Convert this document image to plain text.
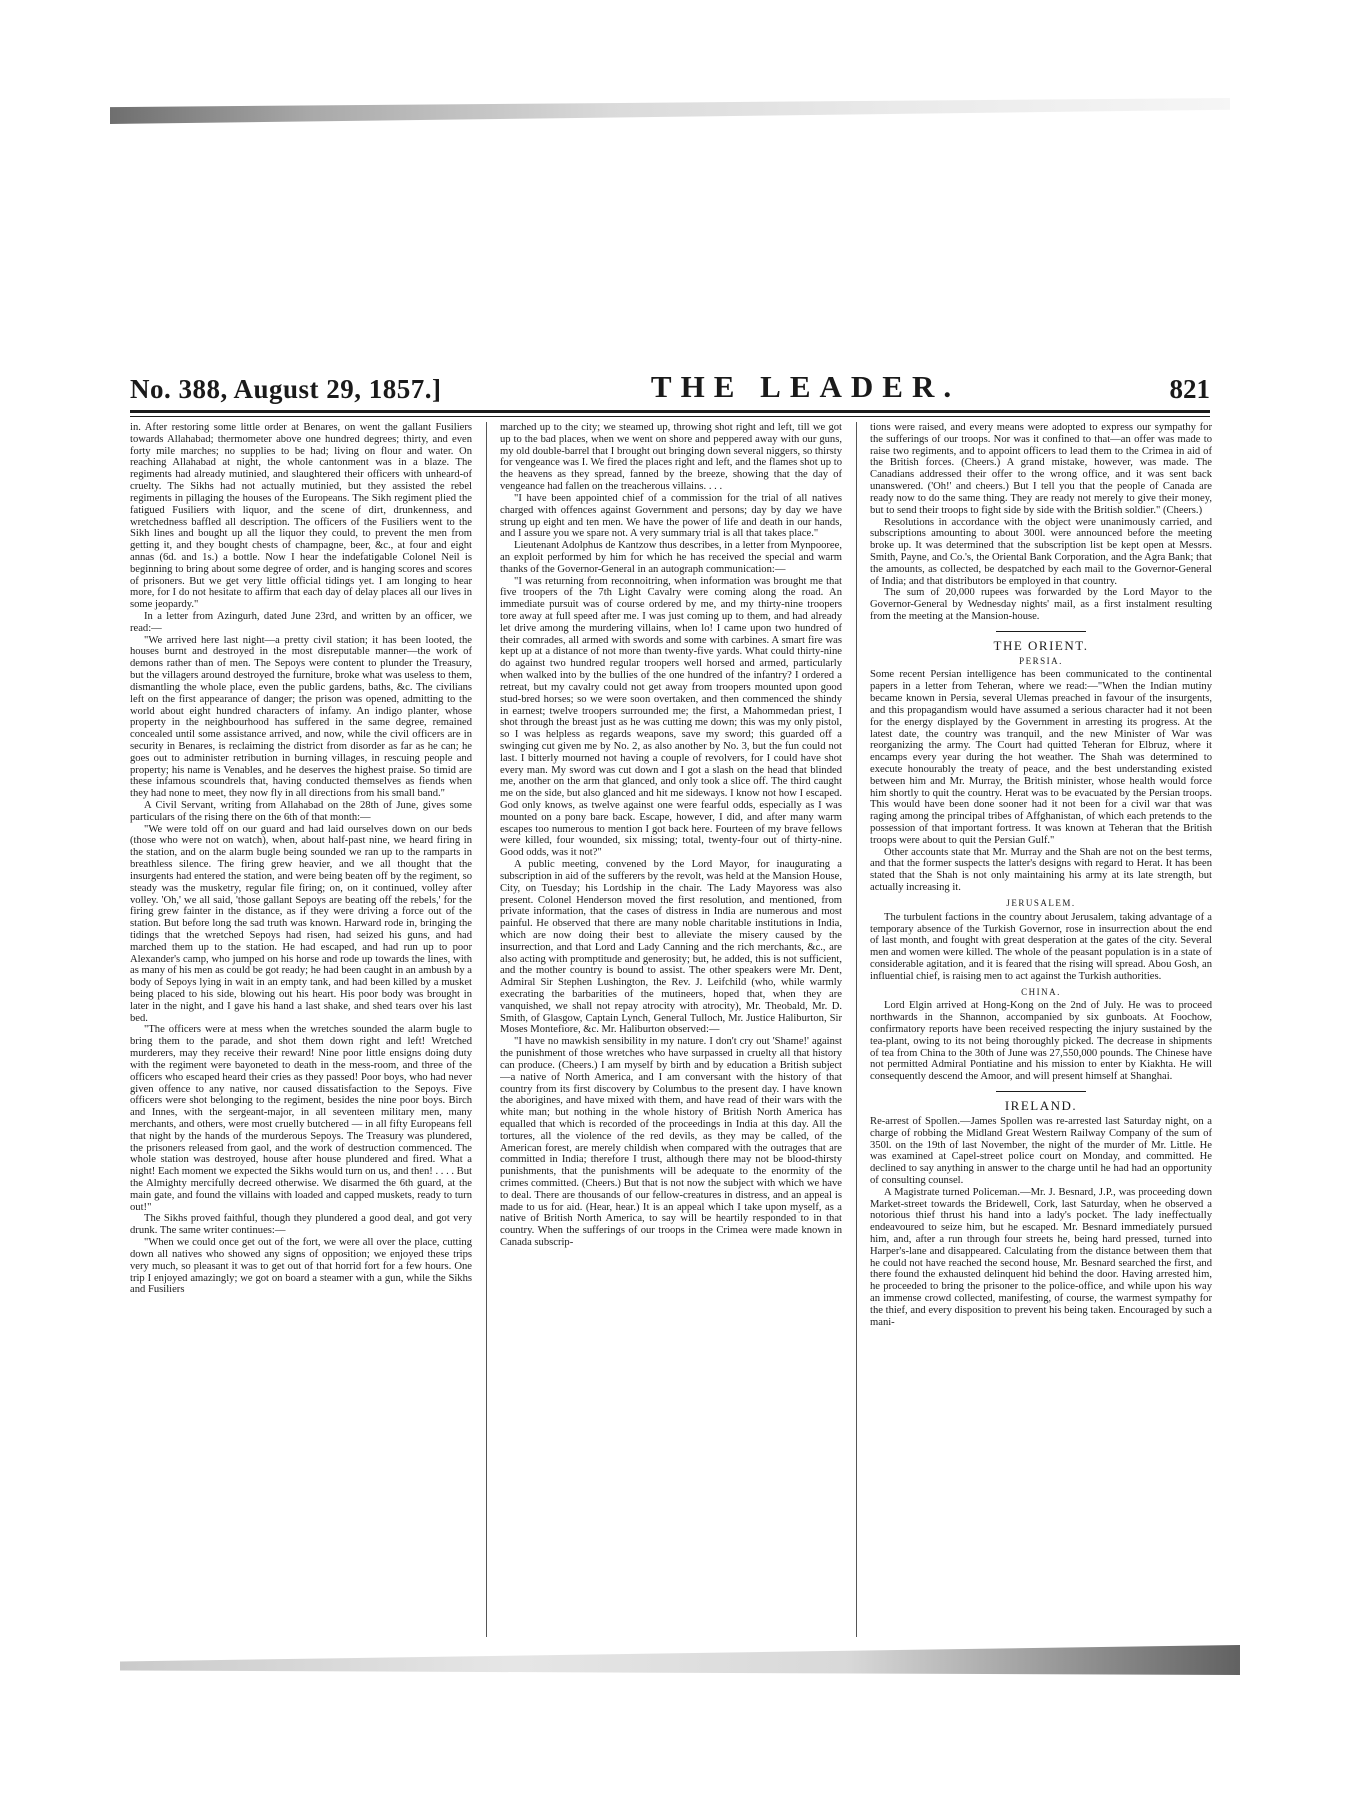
No. 388, August 29, 1857.]	THE LEADER.	821

in. After restoring some little order at Benares, on went the gallant Fusiliers towards Allahabad; thermometer above one hundred degrees; thirty, and even forty mile marches; no supplies to be had; living on flour and water. On reaching Allahabad at night, the whole cantonment was in a blaze. The regiments had already mutinied, and slaughtered their officers with unheard-of cruelty. The Sikhs had not actually mutinied, but they assisted the rebel regiments in pillaging the houses of the Europeans. The Sikh regiment plied the fatigued Fusiliers with liquor, and the scene of dirt, drunkenness, and wretchedness baffled all description. The officers of the Fusiliers went to the Sikh lines and bought up all the liquor they could, to prevent the men from getting it, and they bought chests of champagne, beer, &c., at four and eight annas (6d. and 1s.) a bottle. Now I hear the indefatigable Colonel Neil is beginning to bring about some degree of order, and is hanging scores and scores of prisoners. But we get very little official tidings yet. I am longing to hear more, for I do not hesitate to affirm that each day of delay places all our lives in some jeopardy."

In a letter from Azingurh, dated June 23rd, and written by an officer, we read:—

"We arrived here last night—a pretty civil station; it has been looted, the houses burnt and destroyed in the most disreputable manner—the work of demons rather than of men. The Sepoys were content to plunder the Treasury, but the villagers around destroyed the furniture, broke what was useless to them, dismantling the whole place, even the public gardens, baths, &c. The civilians left on the first appearance of danger; the prison was opened, admitting to the world about eight hundred characters of infamy. An indigo planter, whose property in the neighbourhood has suffered in the same degree, remained concealed until some assistance arrived, and now, while the civil officers are in security in Benares, is reclaiming the district from disorder as far as he can; he goes out to administer retribution in burning villages, in rescuing people and property; his name is Venables, and he deserves the highest praise. So timid are these infamous scoundrels that, having conducted themselves as fiends when they had none to meet, they now fly in all directions from his small band."

A Civil Servant, writing from Allahabad on the 28th of June, gives some particulars of the rising there on the 6th of that month:—

"We were told off on our guard and had laid ourselves down on our beds (those who were not on watch), when, about half-past nine, we heard firing in the station, and on the alarm bugle being sounded we ran up to the ramparts in breathless silence. The firing grew heavier, and we all thought that the insurgents had entered the station, and were being beaten off by the regiment, so steady was the musketry, regular file firing; on, on it continued, volley after volley. 'Oh,' we all said, 'those gallant Sepoys are beating off the rebels,' for the firing grew fainter in the distance, as if they were driving a force out of the station. But before long the sad truth was known. Harward rode in, bringing the tidings that the wretched Sepoys had risen, had seized his guns, and had marched them up to the station. He had escaped, and had run up to poor Alexander's camp, who jumped on his horse and rode up towards the lines, with as many of his men as could be got ready; he had been caught in an ambush by a body of Sepoys lying in wait in an empty tank, and had been killed by a musket being placed to his side, blowing out his heart. His poor body was brought in later in the night, and I gave his hand a last shake, and shed tears over his last bed.

"The officers were at mess when the wretches sounded the alarm bugle to bring them to the parade, and shot them down right and left! Wretched murderers, may they receive their reward! Nine poor little ensigns doing duty with the regiment were bayoneted to death in the mess-room, and three of the officers who escaped heard their cries as they passed! Poor boys, who had never given offence to any native, nor caused dissatisfaction to the Sepoys. Five officers were shot belonging to the regiment, besides the nine poor boys. Birch and Innes, with the sergeant-major, in all seventeen military men, many merchants, and others, were most cruelly butchered — in all fifty Europeans fell that night by the hands of the murderous Sepoys. The Treasury was plundered, the prisoners released from gaol, and the work of destruction commenced. The whole station was destroyed, house after house plundered and fired. What a night! Each moment we expected the Sikhs would turn on us, and then! . . . . But the Almighty mercifully decreed otherwise. We disarmed the 6th guard, at the main gate, and found the villains with loaded and capped muskets, ready to turn out!"

The Sikhs proved faithful, though they plundered a good deal, and got very drunk. The same writer continues:—

"When we could once get out of the fort, we were all over the place, cutting down all natives who showed any signs of opposition; we enjoyed these trips very much, so pleasant it was to get out of that horrid fort for a few hours. One trip I enjoyed amazingly; we got on board a steamer with a gun, while the Sikhs and Fusiliers

marched up to the city; we steamed up, throwing shot right and left, till we got up to the bad places, when we went on shore and peppered away with our guns, my old double-barrel that I brought out bringing down several niggers, so thirsty for vengeance was I. We fired the places right and left, and the flames shot up to the heavens as they spread, fanned by the breeze, showing that the day of vengeance had fallen on the treacherous villains. . . .

"I have been appointed chief of a commission for the trial of all natives charged with offences against Government and persons; day by day we have strung up eight and ten men. We have the power of life and death in our hands, and I assure you we spare not. A very summary trial is all that takes place."

Lieutenant Adolphus de Kantzow thus describes, in a letter from Mynpooree, an exploit performed by him for which he has received the special and warm thanks of the Governor-General in an autograph communication:—

"I was returning from reconnoitring, when information was brought me that five troopers of the 7th Light Cavalry were coming along the road. An immediate pursuit was of course ordered by me, and my thirty-nine troopers tore away at full speed after me. I was just coming up to them, and had already let drive among the murdering villains, when lo! I came upon two hundred of their comrades, all armed with swords and some with carbines. A smart fire was kept up at a distance of not more than twenty-five yards. What could thirty-nine do against two hundred regular troopers well horsed and armed, particularly when walked into by the bullies of the one hundred of the infantry? I ordered a retreat, but my cavalry could not get away from troopers mounted upon good stud-bred horses; so we were soon overtaken, and then commenced the shindy in earnest; twelve troopers surrounded me; the first, a Mahommedan priest, I shot through the breast just as he was cutting me down; this was my only pistol, so I was helpless as regards weapons, save my sword; this guarded off a swinging cut given me by No. 2, as also another by No. 3, but the fun could not last. I bitterly mourned not having a couple of revolvers, for I could have shot every man. My sword was cut down and I got a slash on the head that blinded me, another on the arm that glanced, and only took a slice off. The third caught me on the side, but also glanced and hit me sideways. I know not how I escaped. God only knows, as twelve against one were fearful odds, especially as I was mounted on a pony bare back. Escape, however, I did, and after many warm escapes too numerous to mention I got back here. Fourteen of my brave fellows were killed, four wounded, six missing; total, twenty-four out of thirty-nine. Good odds, was it not?"

A public meeting, convened by the Lord Mayor, for inaugurating a subscription in aid of the sufferers by the revolt, was held at the Mansion House, City, on Tuesday; his Lordship in the chair. The Lady Mayoress was also present. Colonel Henderson moved the first resolution, and mentioned, from private information, that the cases of distress in India are numerous and most painful. He observed that there are many noble charitable institutions in India, which are now doing their best to alleviate the misery caused by the insurrection, and that Lord and Lady Canning and the rich merchants, &c., are also acting with promptitude and generosity; but, he added, this is not sufficient, and the mother country is bound to assist. The other speakers were Mr. Dent, Admiral Sir Stephen Lushington, the Rev. J. Leifchild (who, while warmly execrating the barbarities of the mutineers, hoped that, when they are vanquished, we shall not repay atrocity with atrocity), Mr. Theobald, Mr. D. Smith, of Glasgow, Captain Lynch, General Tulloch, Mr. Justice Haliburton, Sir Moses Montefiore, &c. Mr. Haliburton observed:—

"I have no mawkish sensibility in my nature. I don't cry out 'Shame!' against the punishment of those wretches who have surpassed in cruelty all that history can produce. (Cheers.) I am myself by birth and by education a British subject—a native of North America, and I am conversant with the history of that country from its first discovery by Columbus to the present day. I have known the aborigines, and have mixed with them, and have read of their wars with the white man; but nothing in the whole history of British North America has equalled that which is recorded of the proceedings in India at this day. All the tortures, all the violence of the red devils, as they may be called, of the American forest, are merely childish when compared with the outrages that are committed in India; therefore I trust, although there may not be blood-thirsty punishments, that the punishments will be adequate to the enormity of the crimes committed. (Cheers.) But that is not now the subject with which we have to deal. There are thousands of our fellow-creatures in distress, and an appeal is made to us for aid. (Hear, hear.) It is an appeal which I take upon myself, as a native of British North America, to say will be heartily responded to in that country. When the sufferings of our troops in the Crimea were made known in Canada subscrip-

tions were raised, and every means were adopted to express our sympathy for the sufferings of our troops. Nor was it confined to that—an offer was made to raise two regiments, and to appoint officers to lead them to the Crimea in aid of the British forces. (Cheers.) A grand mistake, however, was made. The Canadians addressed their offer to the wrong office, and it was sent back unanswered. ('Oh!' and cheers.) But I tell you that the people of Canada are ready now to do the same thing. They are ready not merely to give their money, but to send their troops to fight side by side with the British soldier." (Cheers.)

Resolutions in accordance with the object were unanimously carried, and subscriptions amounting to about 300l. were announced before the meeting broke up. It was determined that the subscription list be kept open at Messrs. Smith, Payne, and Co.'s, the Oriental Bank Corporation, and the Agra Bank; that the amounts, as collected, be despatched by each mail to the Governor-General of India; and that distributors be employed in that country.

The sum of 20,000 rupees was forwarded by the Lord Mayor to the Governor-General by Wednesday nights' mail, as a first instalment resulting from the meeting at the Mansion-house.

THE ORIENT.
PERSIA.

Some recent Persian intelligence has been communicated to the continental papers in a letter from Teheran, where we read:—"When the Indian mutiny became known in Persia, several Ulemas preached in favour of the insurgents, and this propagandism would have assumed a serious character had it not been for the energy displayed by the Government in arresting its progress. At the latest date, the country was tranquil, and the new Minister of War was reorganizing the army. The Court had quitted Teheran for Elbruz, where it encamps every year during the hot weather. The Shah was determined to execute honourably the treaty of peace, and the best understanding existed between him and Mr. Murray, the British minister, whose health would force him shortly to quit the country. Herat was to be evacuated by the Persian troops. This would have been done sooner had it not been for a civil war that was raging among the principal tribes of Affghanistan, of which each pretends to the possession of that important fortress. It was known at Teheran that the British troops were about to quit the Persian Gulf."

Other accounts state that Mr. Murray and the Shah are not on the best terms, and that the former suspects the latter's designs with regard to Herat. It has been stated that the Shah is not only maintaining his army at its late strength, but actually increasing it.

JERUSALEM.

The turbulent factions in the country about Jerusalem, taking advantage of a temporary absence of the Turkish Governor, rose in insurrection about the end of last month, and fought with great desperation at the gates of the city. Several men and women were killed. The whole of the peasant population is in a state of considerable agitation, and it is feared that the rising will spread. Abou Gosh, an influential chief, is raising men to act against the Turkish authorities.

CHINA.

Lord Elgin arrived at Hong-Kong on the 2nd of July. He was to proceed northwards in the Shannon, accompanied by six gunboats. At Foochow, confirmatory reports have been received respecting the injury sustained by the tea-plant, owing to its not being thoroughly picked. The decrease in shipments of tea from China to the 30th of June was 27,550,000 pounds. The Chinese have not permitted Admiral Pontiatine and his mission to enter by Kiakhta. He will consequently descend the Amoor, and will present himself at Shanghai.

IRELAND.

Re-arrest of Spollen.—James Spollen was re-arrested last Saturday night, on a charge of robbing the Midland Great Western Railway Company of the sum of 350l. on the 19th of last November, the night of the murder of Mr. Little. He was examined at Capel-street police court on Monday, and committed. He declined to say anything in answer to the charge until he had had an opportunity of consulting counsel.

A Magistrate turned Policeman.—Mr. J. Besnard, J.P., was proceeding down Market-street towards the Bridewell, Cork, last Saturday, when he observed a notorious thief thrust his hand into a lady's pocket. The lady ineffectually endeavoured to seize him, but he escaped. Mr. Besnard immediately pursued him, and, after a run through four streets he, being hard pressed, turned into Harper's-lane and disappeared. Calculating from the distance between them that he could not have reached the second house, Mr. Besnard searched the first, and there found the exhausted delinquent hid behind the door. Having arrested him, he proceeded to bring the prisoner to the police-office, and while upon his way an immense crowd collected, manifesting, of course, the warmest sympathy for the thief, and every disposition to prevent his being taken. Encouraged by such a mani-
